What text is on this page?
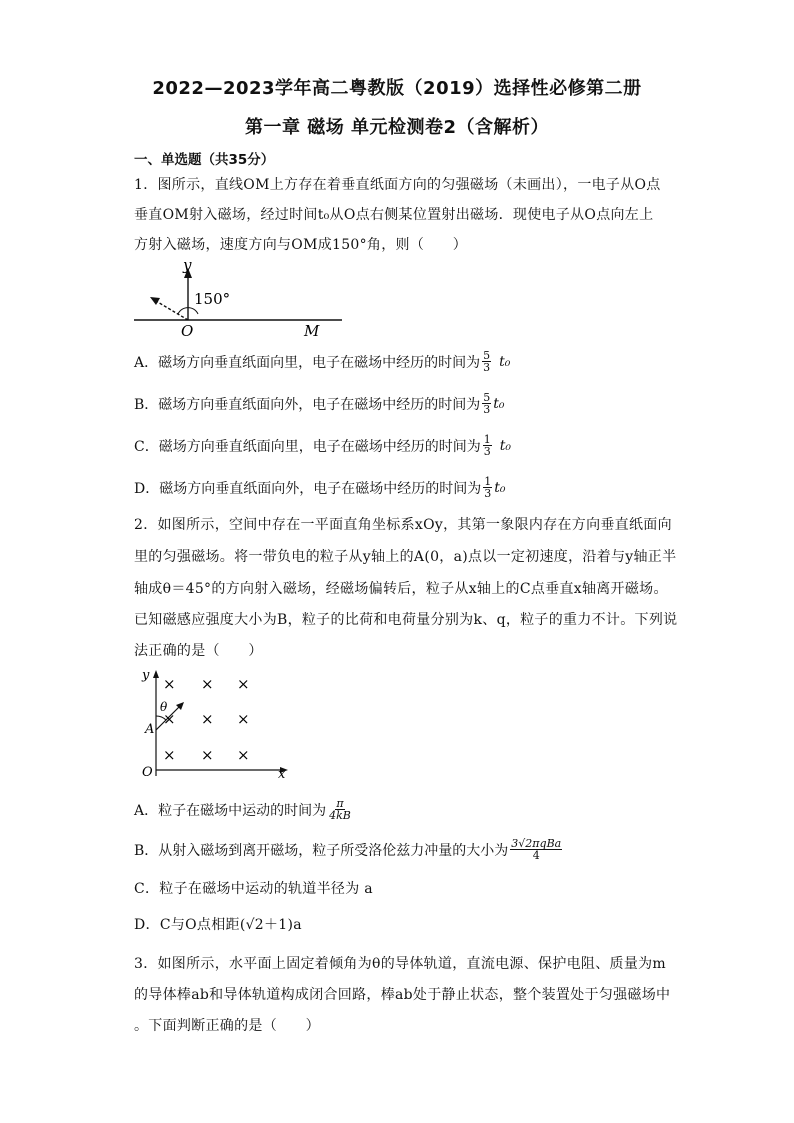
2022—2023学年高二粤教版（2019）选择性必修第二册
第一章 磁场 单元检测卷2（含解析）
一、单选题（共35分）
1．图所示，直线OM上方存在着垂直纸面方向的匀强磁场（未画出），一电子从O点
垂直OM射入磁场，经过时间t₀从O点右侧某位置射出磁场．现使电子从O点向左上
方射入磁场，速度方向与OM成150°角，则（　　）
y
150°
O	M
A．磁场方向垂直纸面向里，电子在磁场中经历的时间为 $\frac{5}{3} t_0$
B．磁场方向垂直纸面向外，电子在磁场中经历的时间为 $\frac{5}{3} t_0$
C．磁场方向垂直纸面向里，电子在磁场中经历的时间为 $\frac{1}{3} t_0$
D．磁场方向垂直纸面向外，电子在磁场中经历的时间为 $\frac{1}{3} t_0$
2．如图所示，空间中存在一平面直角坐标系xOy，其第一象限内存在方向垂直纸面向
里的匀强磁场。将一带负电的粒子从y轴上的A(0，a)点以一定初速度，沿着与y轴正半
轴成θ＝45°的方向射入磁场，经磁场偏转后，粒子从x轴上的C点垂直x轴离开磁场。
已知磁感应强度大小为B，粒子的比荷和电荷量分别为k、q，粒子的重力不计。下列说
法正确的是（　　）
y
x
O
A
θ
× × ×
× × ×
× × ×
A．粒子在磁场中运动的时间为 $\frac{\pi}{4kB}$
B．从射入磁场到离开磁场，粒子所受洛伦兹力冲量的大小为 $\frac{\text{3√2πqBa}}{4}$
C．粒子在磁场中运动的轨道半径为 a
D．C与O点相距(√2＋1)a
3．如图所示，水平面上固定着倾角为θ的导体轨道，直流电源、保护电阻、质量为m
的导体棒ab和导体轨道构成闭合回路，棒ab处于静止状态，整个装置处于匀强磁场中
。下面判断正确的是（　　）
